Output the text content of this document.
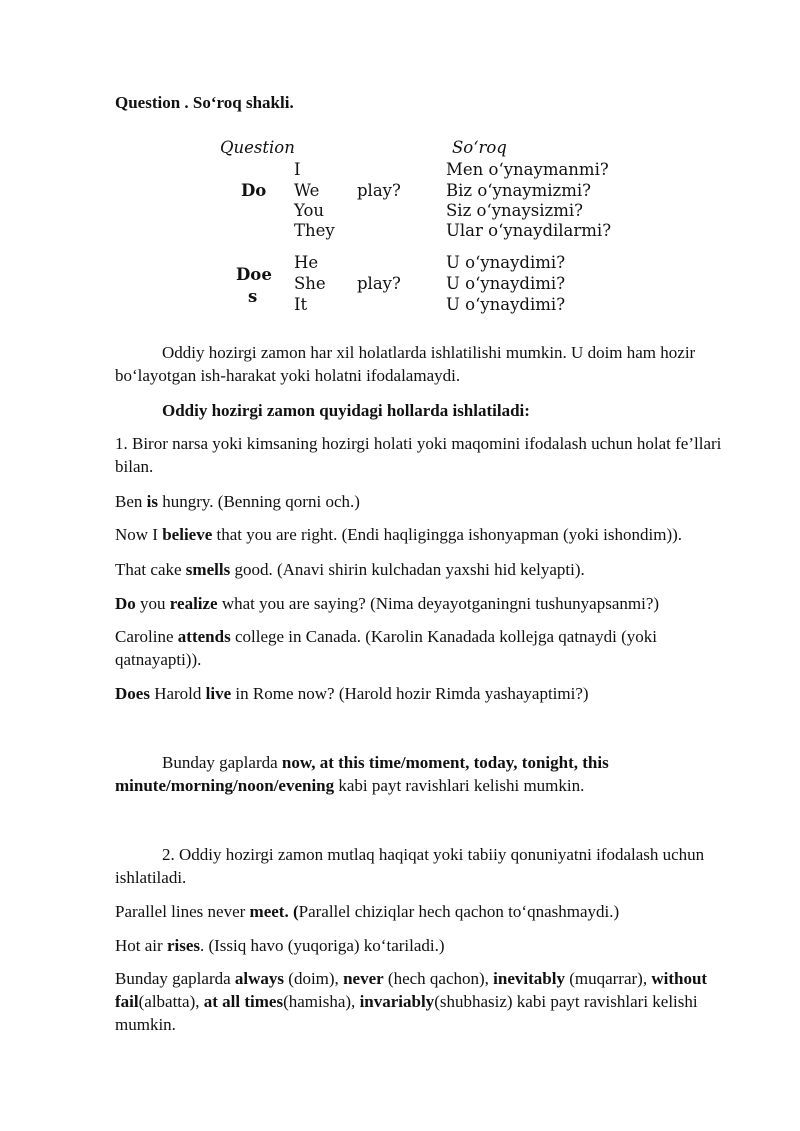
Question . So‘roq shakli.
Question	So‘roq
Do
I
We
You
They
play?
Men o‘ynaymanmi?
Biz o‘ynaymizmi?
Siz o‘ynaysizmi?
Ular o‘ynaydilarmi?
Doe
s
He
She
It
play?
U o‘ynaydimi?
U o‘ynaydimi?
U o‘ynaydimi?

Oddiy hozirgi zamon har xil holatlarda ishlatilishi mumkin. U doim ham hozir bo‘layotgan ish-harakat yoki holatni ifodalamaydi.

Oddiy hozirgi zamon quyidagi hollarda ishlatiladi:

1. Biror narsa yoki kimsaning hozirgi holati yoki maqomini ifodalash uchun holat fe’llari bilan.

Ben is hungry. (Benning qorni och.)

Now I believe that you are right. (Endi haqligingga ishonyapman (yoki ishondim)).

That cake smells good. (Anavi shirin kulchadan yaxshi hid kelyapti).

Do you realize what you are saying? (Nima deyayotganingni tushunyapsanmi?)

Caroline attends college in Canada. (Karolin Kanadada kollejga qatnaydi (yoki qatnayapti)).

Does Harold live in Rome now? (Harold hozir Rimda yashayaptimi?)

Bunday gaplarda now, at this time/moment, today, tonight, this minute/morning/noon/evening kabi payt ravishlari kelishi mumkin.

2. Oddiy hozirgi zamon mutlaq haqiqat yoki tabiiy qonuniyatni ifodalash uchun ishlatiladi.

Parallel lines never meet. (Parallel chiziqlar hech qachon to‘qnashmaydi.)

Hot air rises. (Issiq havo (yuqoriga) ko‘tariladi.)

Bunday gaplarda always (doim), never (hech qachon), inevitably (muqarrar), without fail(albatta), at all times(hamisha), invariably(shubhasiz) kabi payt ravishlari kelishi mumkin.
